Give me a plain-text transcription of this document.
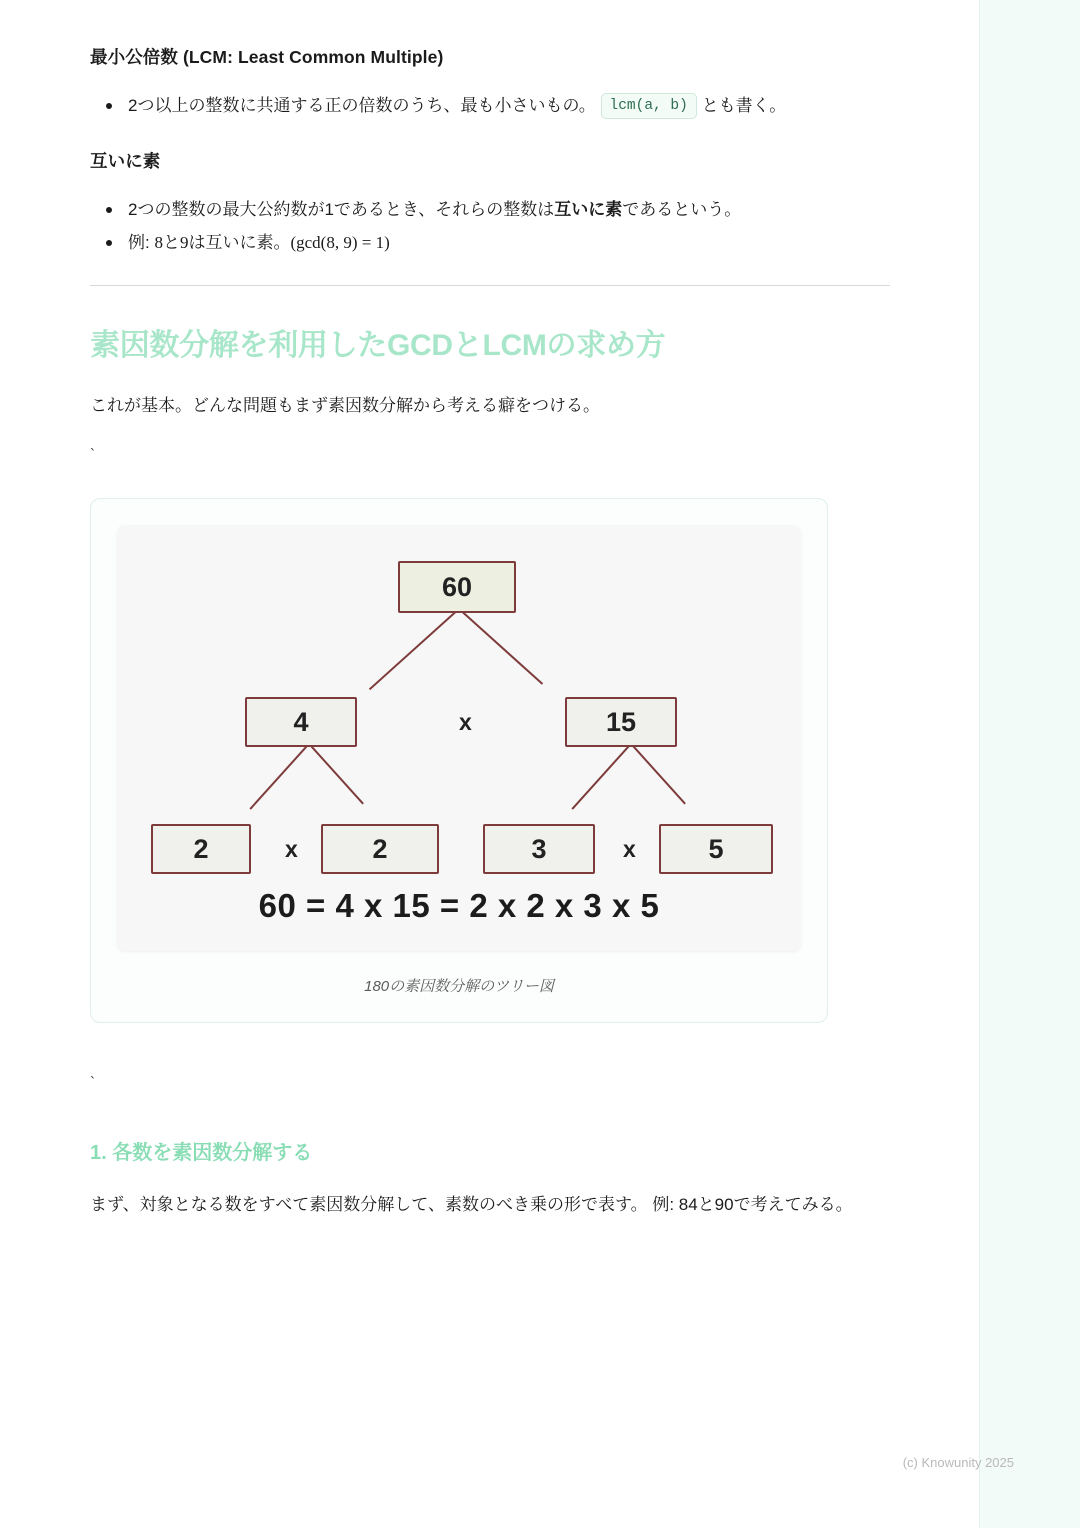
最小公倍数 (LCM: Least Common Multiple)
2つ以上の整数に共通する正の倍数のうち、最も小さいもの。 lcm(a, b) とも書く。
互いに素
2つの整数の最大公約数が1であるとき、それらの整数は互いに素であるという。
例: 8と9は互いに素。(gcd(8, 9) = 1)
素因数分解を利用したGCDとLCMの求め方

これが基本。どんな問題もまず素因数分解から考える癖をつける。

`

60
4	x	15
2	x	2	3	x	5
60 = 4 x 15 = 2 x 2 x 3 x 5
180の素因数分解のツリー図

`

1. 各数を素因数分解する

まず、対象となる数をすべて素因数分解して、素数のべき乗の形で表す。 例: 84と90で考えてみる。

(c) Knowunity 2025
